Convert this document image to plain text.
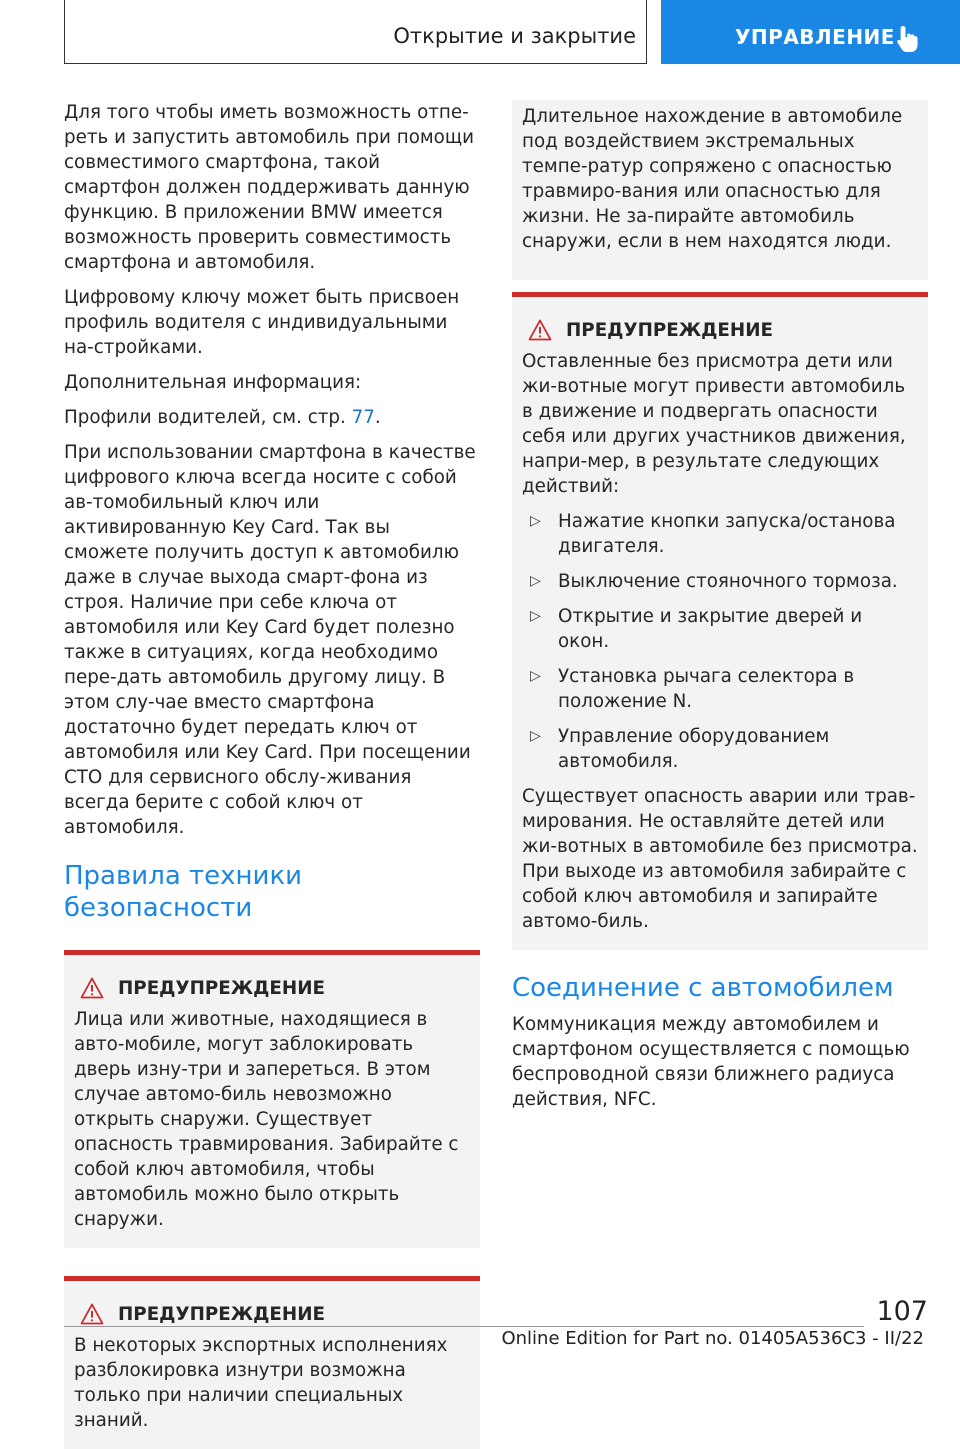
Открытие и закрытие	УПРАВЛЕНИЕ

Для того чтобы иметь возможность отпе-реть и запустить автомобиль при помощи совместимого смартфона, такой смартфон должен поддерживать данную функцию. В приложении BMW имеется возможность проверить совместимость смартфона и автомобиля.

Цифровому ключу может быть присвоен профиль водителя с индивидуальными на-стройками.

Дополнительная информация:

Профили водителей, см. стр. 77.

При использовании смартфона в качестве цифрового ключа всегда носите с собой ав-томобильный ключ или активированную Key Card. Так вы сможете получить доступ к автомобилю даже в случае выхода смарт-фона из строя. Наличие при себе ключа от автомобиля или Key Card будет полезно также в ситуациях, когда необходимо пере-дать автомобиль другому лицу. В этом слу-чае вместо смартфона достаточно будет передать ключ от автомобиля или Key Card. При посещении СТО для сервисного обслу-живания всегда берите с собой ключ от автомобиля.

Правила техники безопасности
ПРЕДУПРЕЖДЕНИЕ

Лица или животные, находящиеся в авто-мобиле, могут заблокировать дверь изну-три и запереться. В этом случае автомо-биль невозможно открыть снаружи. Существует опасность травмирования. Забирайте с собой ключ автомобиля, чтобы автомобиль можно было открыть снаружи.

ПРЕДУПРЕЖДЕНИЕ

В некоторых экспортных исполнениях разблокировка изнутри возможна только при наличии специальных знаний.

Длительное нахождение в автомобиле под воздействием экстремальных темпе-ратур сопряжено с опасностью травмиро-вания или опасностью для жизни. Не за-пирайте автомобиль снаружи, если в нем находятся люди.

ПРЕДУПРЕЖДЕНИЕ

Оставленные без присмотра дети или жи-вотные могут привести автомобиль в движение и подвергать опасности себя или других участников движения, напри-мер, в результате следующих действий:

▷ Нажатие кнопки запуска/останова двигателя.
▷ Выключение стояночного тормоза.
▷ Открытие и закрытие дверей и окон.
▷ Установка рычага селектора в положение N.
▷ Управление оборудованием автомобиля.

Существует опасность аварии или трав-мирования. Не оставляйте детей или жи-вотных в автомобиле без присмотра. При выходе из автомобиля забирайте с собой ключ автомобиля и запирайте автомо-биль.

Соединение с автомобилем

Коммуникация между автомобилем и смартфоном осуществляется с помощью беспроводной связи ближнего радиуса действия, NFC.

107
Online Edition for Part no. 01405A536C3 - II/22
